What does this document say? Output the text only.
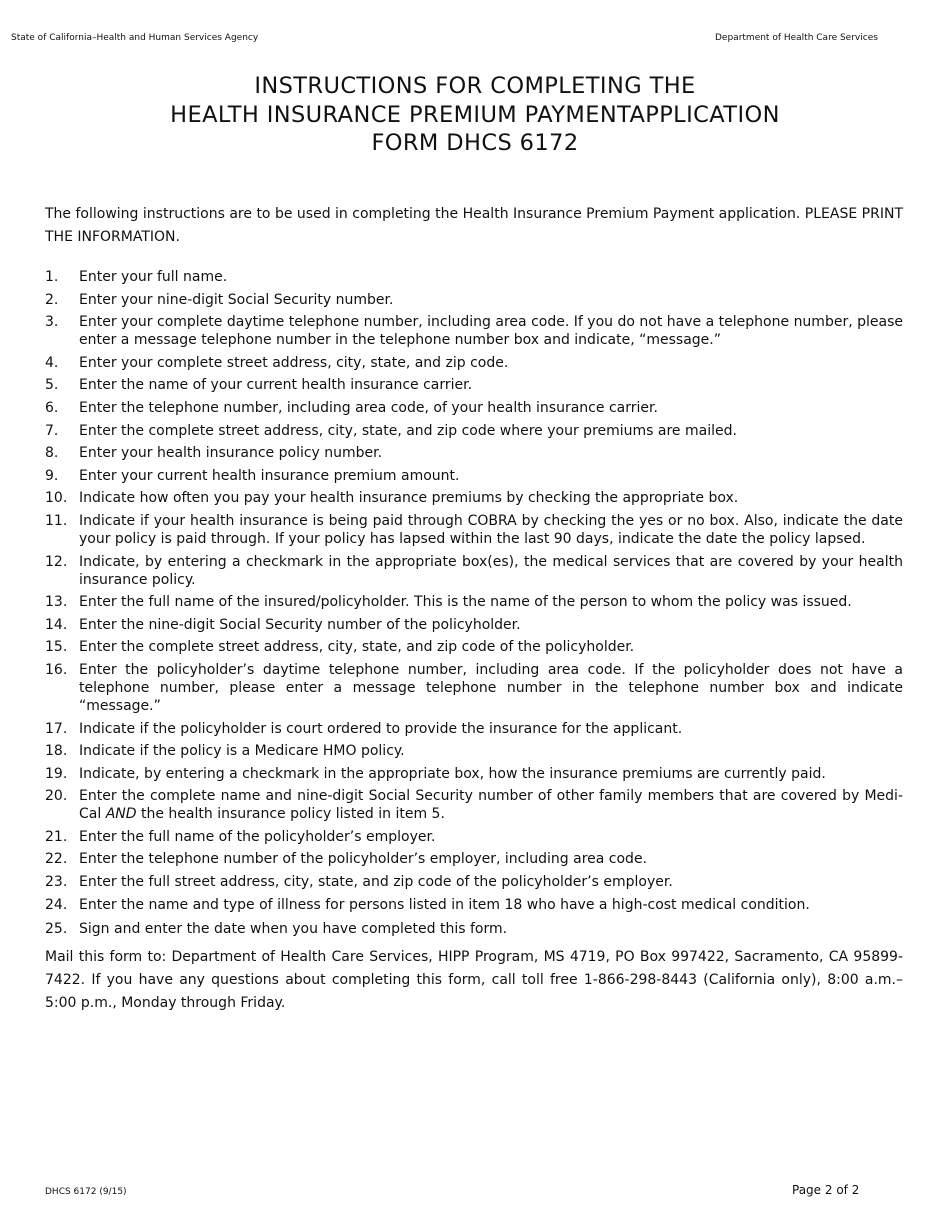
State of California–Health and Human Services Agency	Department of Health Care Services
INSTRUCTIONS FOR COMPLETING THE
HEALTH INSURANCE PREMIUM PAYMENTAPPLICATION
FORM DHCS 6172

The following instructions are to be used in completing the Health Insurance Premium Payment application. PLEASE PRINT THE INFORMATION.

1. Enter your full name.
2. Enter your nine-digit Social Security number.
3. Enter your complete daytime telephone number, including area code. If you do not have a telephone number, please enter a message telephone number in the telephone number box and indicate, “message.”
4. Enter your complete street address, city, state, and zip code.
5. Enter the name of your current health insurance carrier.
6. Enter the telephone number, including area code, of your health insurance carrier.
7. Enter the complete street address, city, state, and zip code where your premiums are mailed.
8. Enter your health insurance policy number.
9. Enter your current health insurance premium amount.
10. Indicate how often you pay your health insurance premiums by checking the appropriate box.
11. Indicate if your health insurance is being paid through COBRA by checking the yes or no box. Also, indicate the date your policy is paid through. If your policy has lapsed within the last 90 days, indicate the date the policy lapsed.
12. Indicate, by entering a checkmark in the appropriate box(es), the medical services that are covered by your health insurance policy.
13. Enter the full name of the insured/policyholder. This is the name of the person to whom the policy was issued.
14. Enter the nine-digit Social Security number of the policyholder.
15. Enter the complete street address, city, state, and zip code of the policyholder.
16. Enter the policyholder’s daytime telephone number, including area code. If the policyholder does not have a telephone number, please enter a message telephone number in the telephone number box and indicate “message.”
17. Indicate if the policyholder is court ordered to provide the insurance for the applicant.
18. Indicate if the policy is a Medicare HMO policy.
19. Indicate, by entering a checkmark in the appropriate box, how the insurance premiums are currently paid.
20. Enter the complete name and nine-digit Social Security number of other family members that are covered by Medi-Cal AND the health insurance policy listed in item 5.
21. Enter the full name of the policyholder’s employer.
22. Enter the telephone number of the policyholder’s employer, including area code.
23. Enter the full street address, city, state, and zip code of the policyholder’s employer.
24. Enter the name and type of illness for persons listed in item 18 who have a high-cost medical condition.
25. Sign and enter the date when you have completed this form.

Mail this form to: Department of Health Care Services, HIPP Program, MS 4719, PO Box 997422, Sacramento, CA 95899-7422. If you have any questions about completing this form, call toll free 1-866-298-8443 (California only), 8:00 a.m.–5:00 p.m., Monday through Friday.

DHCS 6172 (9/15)	Page 2 of 2
